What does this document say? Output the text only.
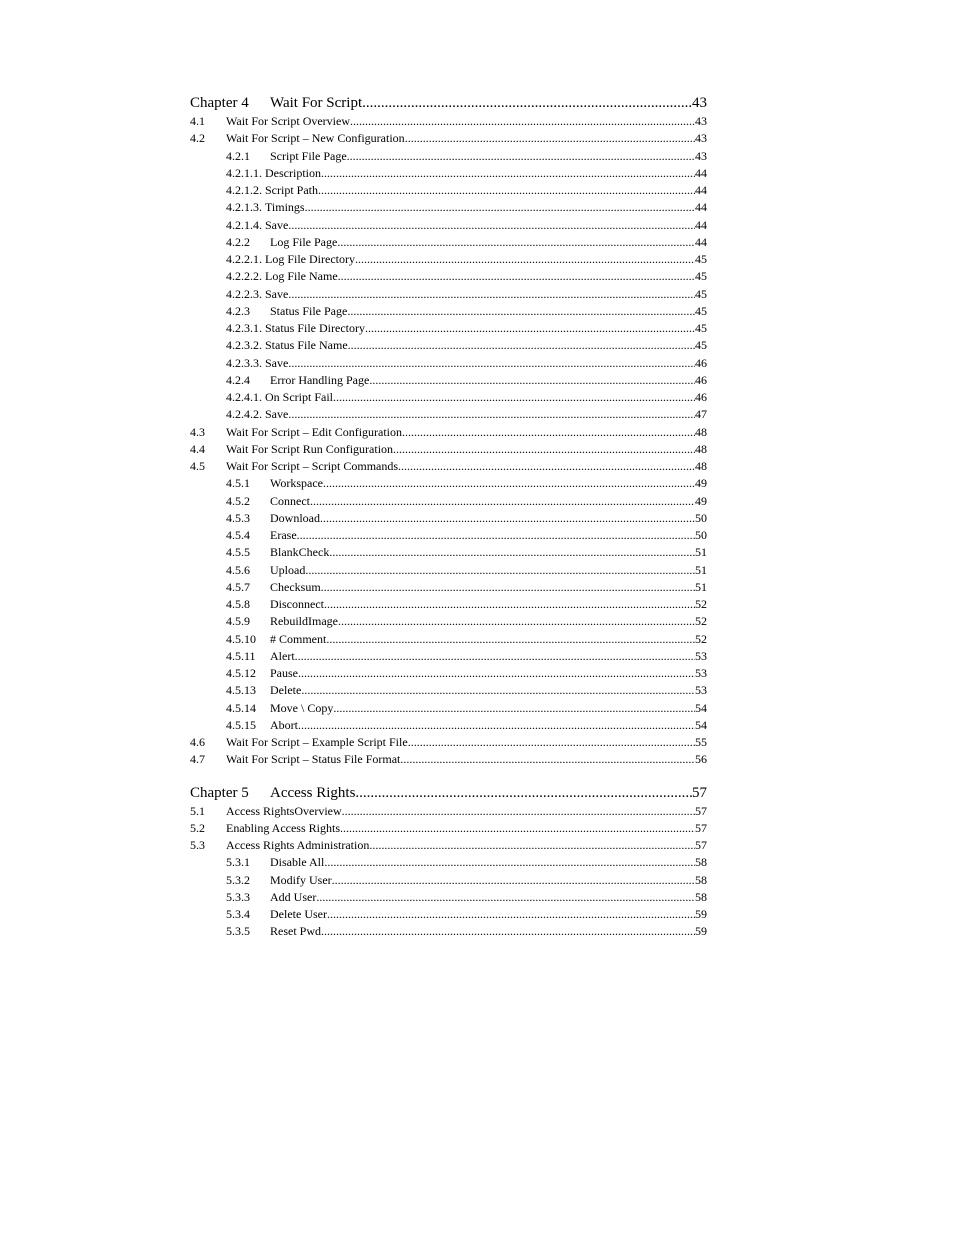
Chapter 4	Wait For Script .....	43
4.1	Wait For Script Overview .....	43
4.2	Wait For Script – New Configuration .....	43
4.2.1	Script File Page .....	43
4.2.1.1. Description .....	44
4.2.1.2. Script Path .....	44
4.2.1.3. Timings .....	44
4.2.1.4. Save .....	44
4.2.2	Log File Page .....	44
4.2.2.1. Log File Directory .....	45
4.2.2.2. Log File Name .....	45
4.2.2.3. Save .....	45
4.2.3	Status File Page .....	45
4.2.3.1. Status File Directory .....	45
4.2.3.2. Status File Name .....	45
4.2.3.3. Save .....	46
4.2.4	Error Handling Page .....	46
4.2.4.1. On Script Fail .....	46
4.2.4.2. Save .....	47
4.3	Wait For Script – Edit Configuration .....	48
4.4	Wait For Script Run Configuration .....	48
4.5	Wait For Script – Script Commands .....	48
4.5.1	Workspace .....	49
4.5.2	Connect .....	49
4.5.3	Download .....	50
4.5.4	Erase .....	50
4.5.5	BlankCheck .....	51
4.5.6	Upload .....	51
4.5.7	Checksum .....	51
4.5.8	Disconnect .....	52
4.5.9	RebuildImage .....	52
4.5.10	# Comment .....	52
4.5.11	Alert .....	53
4.5.12	Pause .....	53
4.5.13	Delete .....	53
4.5.14	Move \ Copy .....	54
4.5.15	Abort .....	54
4.6	Wait For Script – Example Script File .....	55
4.7	Wait For Script – Status File Format .....	56
Chapter 5	Access Rights .....	57
5.1	Access RightsOverview .....	57
5.2	Enabling Access Rights .....	57
5.3	Access Rights Administration .....	57
5.3.1	Disable All .....	58
5.3.2	Modify User .....	58
5.3.3	Add User .....	58
5.3.4	Delete User .....	59
5.3.5	Reset Pwd .....	59
